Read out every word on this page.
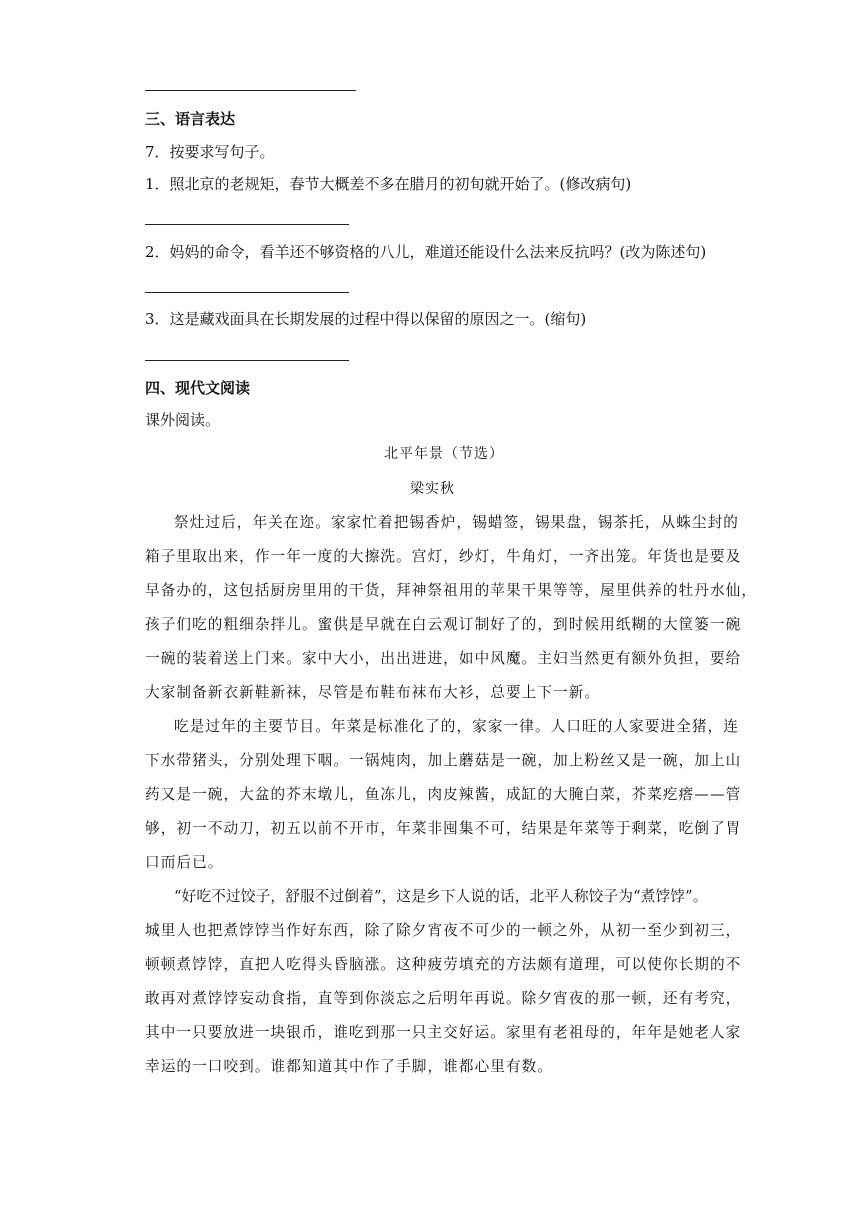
三、语言表达
7．按要求写句子。
1．照北京的老规矩，春节大概差不多在腊月的初旬就开始了。(修改病句)
2．妈妈的命令，看羊还不够资格的八儿，难道还能设什么法来反抗吗？(改为陈述句)
3．这是藏戏面具在长期发展的过程中得以保留的原因之一。(缩句)
四、现代文阅读
课外阅读。
北平年景（节选）
梁实秋
祭灶过后，年关在迩。家家忙着把锡香炉，锡蜡签，锡果盘，锡茶托，从蛛尘封的
箱子里取出来，作一年一度的大擦洗。宫灯，纱灯，牛角灯，一齐出笼。年货也是要及
早备办的，这包括厨房里用的干货，拜神祭祖用的苹果干果等等，屋里供养的牡丹水仙，
孩子们吃的粗细杂拌儿。蜜供是早就在白云观订制好了的，到时候用纸糊的大筐篓一碗
一碗的装着送上门来。家中大小，出出进进，如中风魔。主妇当然更有额外负担，要给
大家制备新衣新鞋新袜，尽管是布鞋布袜布大衫，总要上下一新。
吃是过年的主要节目。年菜是标准化了的，家家一律。人口旺的人家要进全猪，连
下水带猪头，分别处理下咽。一锅炖肉，加上蘑菇是一碗，加上粉丝又是一碗，加上山
药又是一碗，大盆的芥末墩儿，鱼冻儿，肉皮辣酱，成缸的大腌白菜，芥菜疙瘩——管
够，初一不动刀，初五以前不开市，年菜非囤集不可，结果是年菜等于剩菜，吃倒了胃
口而后已。
“好吃不过饺子，舒服不过倒着”，这是乡下人说的话，北平人称饺子为“煮饽饽”。
城里人也把煮饽饽当作好东西，除了除夕宵夜不可少的一顿之外，从初一至少到初三，
顿顿煮饽饽，直把人吃得头昏脑涨。这种疲劳填充的方法颇有道理，可以使你长期的不
敢再对煮饽饽妄动食指，直等到你淡忘之后明年再说。除夕宵夜的那一顿，还有考究，
其中一只要放进一块银币，谁吃到那一只主交好运。家里有老祖母的，年年是她老人家
幸运的一口咬到。谁都知道其中作了手脚，谁都心里有数。
